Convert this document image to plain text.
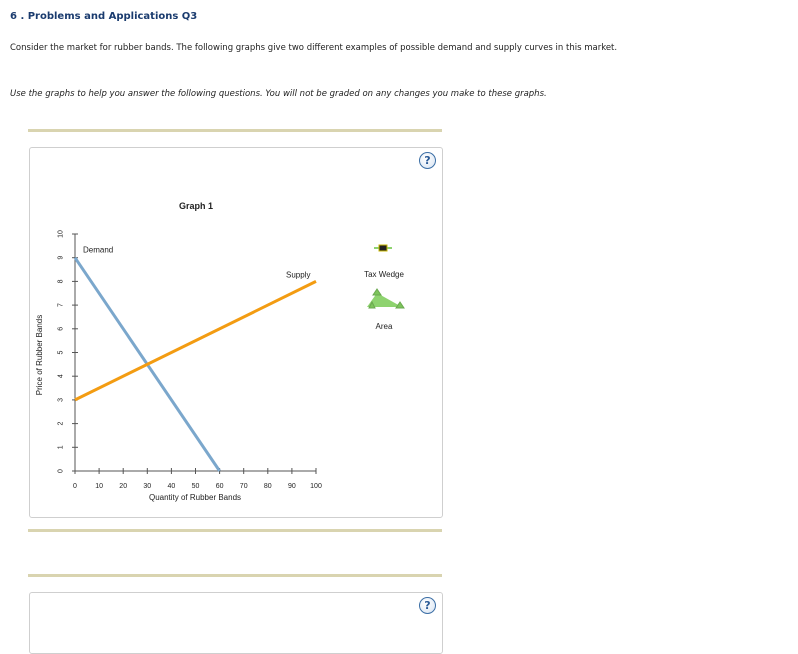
6 . Problems and Applications Q3
Consider the market for rubber bands. The following graphs give two different examples of possible demand and supply curves in this market.
Use the graphs to help you answer the following questions. You will not be graded on any changes you make to these graphs.
?
Graph 1
Price of Rubber Bands
Quantity of Rubber Bands
0	10 20 30 40 50 60 70 80 90 100
0
1
2
3
4
5
6
7
8
9
10
Demand
Supply	Tax Wedge
Area
?
